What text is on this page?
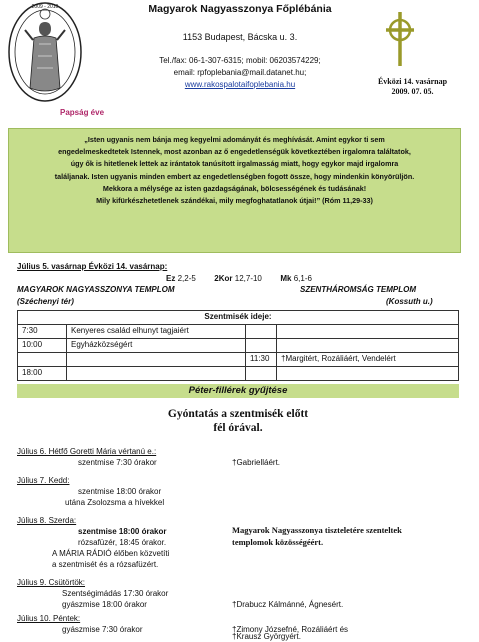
2009 - 2010	Magyarok Nagyasszonya Főplébánia
1153 Budapest, Bácska u. 3.
Tel./fax: 06-1-307-6315; mobil: 06203574229;
email: rpfoplebania@mail.datanet.hu;
www.rakospalotaifoplebania.hu	Évközi 14. vasárnap
2009. 07. 05.
Papság éve
„Isten ugyanis nem bánja meg kegyelmi adományát és meghívását. Amint egykor ti sem
engedelmeskedtetek Istennek, most azonban az ő engedetlenségük következtében irgalomra találtatok,
úgy ők is hitetlenek lettek az irántatok tanúsított irgalmasság miatt, hogy egykor majd irgalomra
találjanak. Isten ugyanis minden embert az engedetlenségben fogott össze, hogy mindenkin könyörüljön.
Mekkora a mélysége az isten gazdagságának, bölcsességének és tudásának!
Mily kifürkészhetetlenek szándékai, mily megfoghatatlanok útjai!” (Róm 11,29-33)
Július 5. vasárnap Évközi 14. vasárnap:
Ez 2,2-5 2Kor 12,7-10 Mk 6,1-6
MAGYAROK NAGYASSZONYA TEMPLOM	SZENTHÁROMSÁG TEMPLOM
(Széchenyi tér)	(Kossuth u.)
Szentmisék ideje:			
7:30	Kenyeres család elhunyt tagjaiért		
10:00	Egyházközségért		
		11:30	†Margitért, Rozáliáért, Vendelért
18:00			
Péter-fillérek gyűjtése
Gyóntatás a szentmisék előtt
fél órával.
Július 6. Hétfő Goretti Mária vértanú e.:
szentmise 7:30 órakor	†Gabrielláért.
Július 7. Kedd:
szentmise 18:00 órakor
utána Zsolozsma a hívekkel
Július 8. Szerda:
szentmise 18:00 órakor
rózsafüzér, 18:45 órakor.
A MÁRIA RÁDIÓ élőben közvetíti
a szentmisét és a rózsafüzért.
Magyarok Nagyasszonya tiszteletére szenteltek
templomok közösségéért.
Július 9. Csütörtök:
Szentségimádás 17:30 órakor
gyászmise 18:00 órakor	†Drabucz Kálmánné, Ágnesért.
Július 10. Péntek:
gyászmise 7:30 órakor	†Zimony Józsefné, Rozáliáért és
†Krausz Györgyért.
